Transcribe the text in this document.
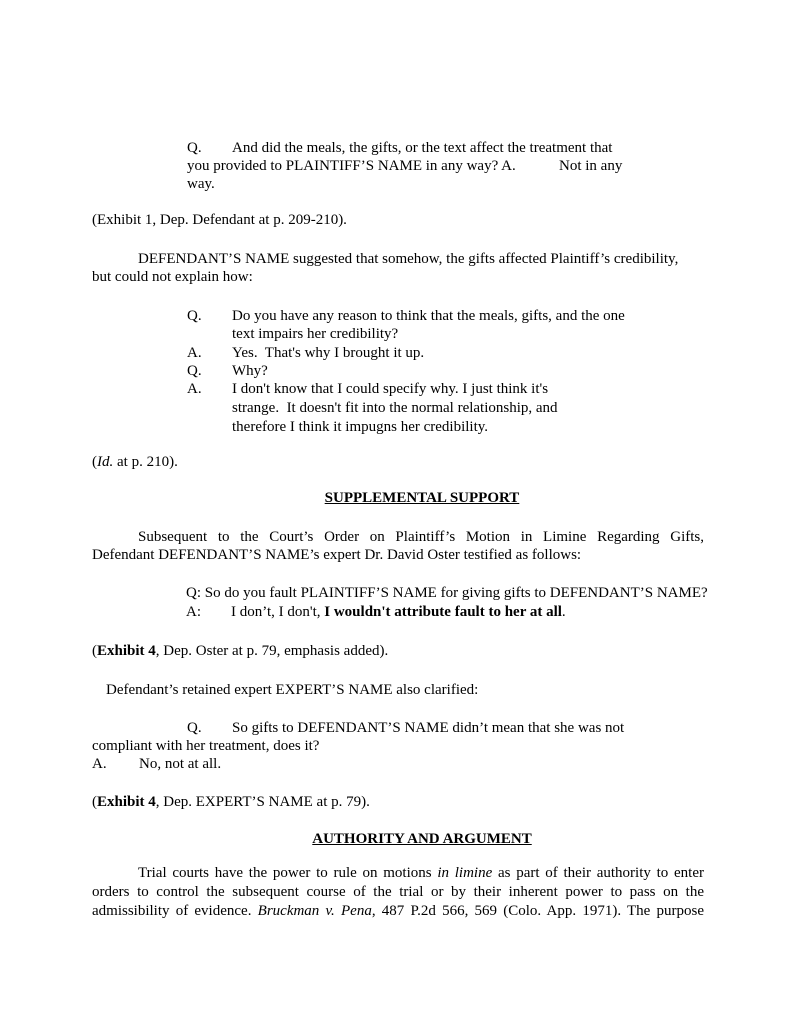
Q. And did the meals, the gifts, or the text affect the treatment that
you provided to PLAINTIFF’S NAME in any way? A.	Not in any
way.
(Exhibit 1, Dep. Defendant at p. 209-210).
DEFENDANT’S NAME suggested that somehow, the gifts affected Plaintiff’s credibility,
but could not explain how:
Q. Do you have any reason to think that the meals, gifts, and the one
text impairs her credibility?
A. Yes.  That's why I brought it up.
Q. Why?
A. I don't know that I could specify why. I just think it's
strange.  It doesn't fit into the normal relationship, and
therefore I think it impugns her credibility.
(Id. at p. 210).
SUPPLEMENTAL SUPPORT
Subsequent to the Court’s Order on Plaintiff’s Motion in Limine Regarding Gifts,
Defendant DEFENDANT’S NAME’s expert Dr. David Oster testified as follows:
Q: So do you fault PLAINTIFF’S NAME for giving gifts to DEFENDANT’S NAME?
A: I don’t, I don't, I wouldn't attribute fault to her at all.
(Exhibit 4, Dep. Oster at p. 79, emphasis added).
Defendant’s retained expert EXPERT’S NAME also clarified:
Q. So gifts to DEFENDANT’S NAME didn’t mean that she was not
compliant with her treatment, does it?
A. No, not at all.
(Exhibit 4, Dep. EXPERT’S NAME at p. 79).
AUTHORITY AND ARGUMENT
Trial courts have the power to rule on motions in limine as part of their authority to enter
orders to control the subsequent course of the trial or by their inherent power to pass on the
admissibility of evidence. Bruckman v. Pena, 487 P.2d 566, 569 (Colo. App. 1971). The purpose
